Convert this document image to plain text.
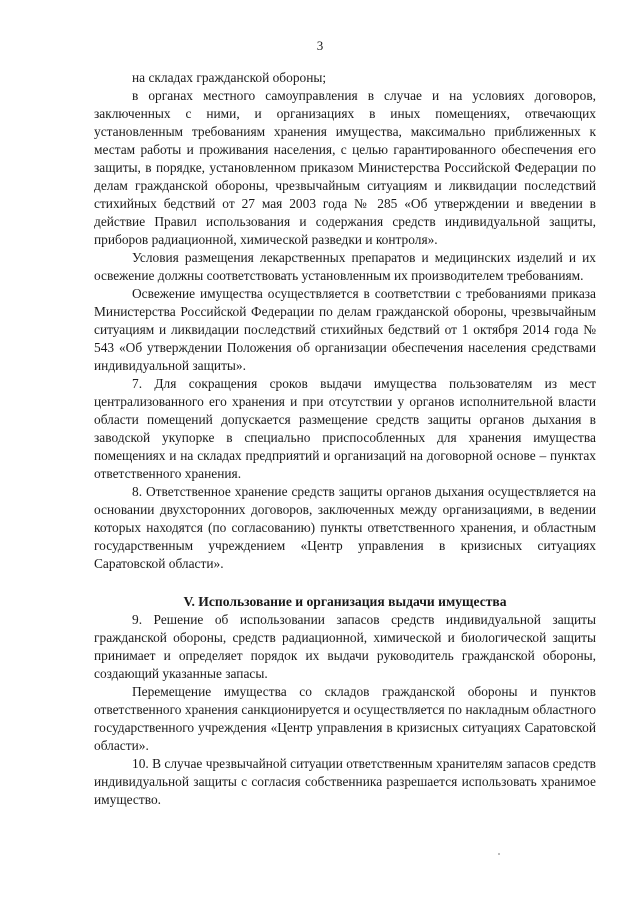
3

на складах гражданской обороны;

в органах местного самоуправления в случае и на условиях договоров, заключенных с ними, и организациях в иных помещениях, отвечающих установленным требованиям хранения имущества, максимально приближенных к местам работы и проживания населения, с целью гарантированного обеспечения его защиты, в порядке, установленном приказом Министерства Российской Федерации по делам гражданской обороны, чрезвычайным ситуациям и ликвидации последствий стихийных бедствий от 27 мая 2003 года № 285 «Об утверждении и введении в действие Правил использования и содержания средств индивидуальной защиты, приборов радиационной, химической разведки и контроля».

Условия размещения лекарственных препаратов и медицинских изделий и их освежение должны соответствовать установленным их производителем требованиям.

Освежение имущества осуществляется в соответствии с требованиями приказа Министерства Российской Федерации по делам гражданской обороны, чрезвычайным ситуациям и ликвидации последствий стихийных бедствий от 1 октября 2014 года № 543 «Об утверждении Положения об организации обеспечения населения средствами индивидуальной защиты».

7. Для сокращения сроков выдачи имущества пользователям из мест централизованного его хранения и при отсутствии у органов исполнительной власти области помещений допускается размещение средств защиты органов дыхания в заводской укупорке в специально приспособленных для хранения имущества помещениях и на складах предприятий и организаций на договорной основе – пунктах ответственного хранения.

8. Ответственное хранение средств защиты органов дыхания осуществляется на основании двухсторонних договоров, заключенных между организациями, в ведении которых находятся (по согласованию) пункты ответственного хранения, и областным государственным учреждением «Центр управления в кризисных ситуациях Саратовской области».

V. Использование и организация выдачи имущества

9. Решение об использовании запасов средств индивидуальной защиты гражданской обороны, средств радиационной, химической и биологической защиты принимает и определяет порядок их выдачи руководитель гражданской обороны, создающий указанные запасы.

Перемещение имущества со складов гражданской обороны и пунктов ответственного хранения санкционируется и осуществляется по накладным областного государственного учреждения «Центр управления в кризисных ситуациях Саратовской области».

10. В случае чрезвычайной ситуации ответственным хранителям запасов средств индивидуальной защиты с согласия собственника разрешается использовать хранимое имущество.
